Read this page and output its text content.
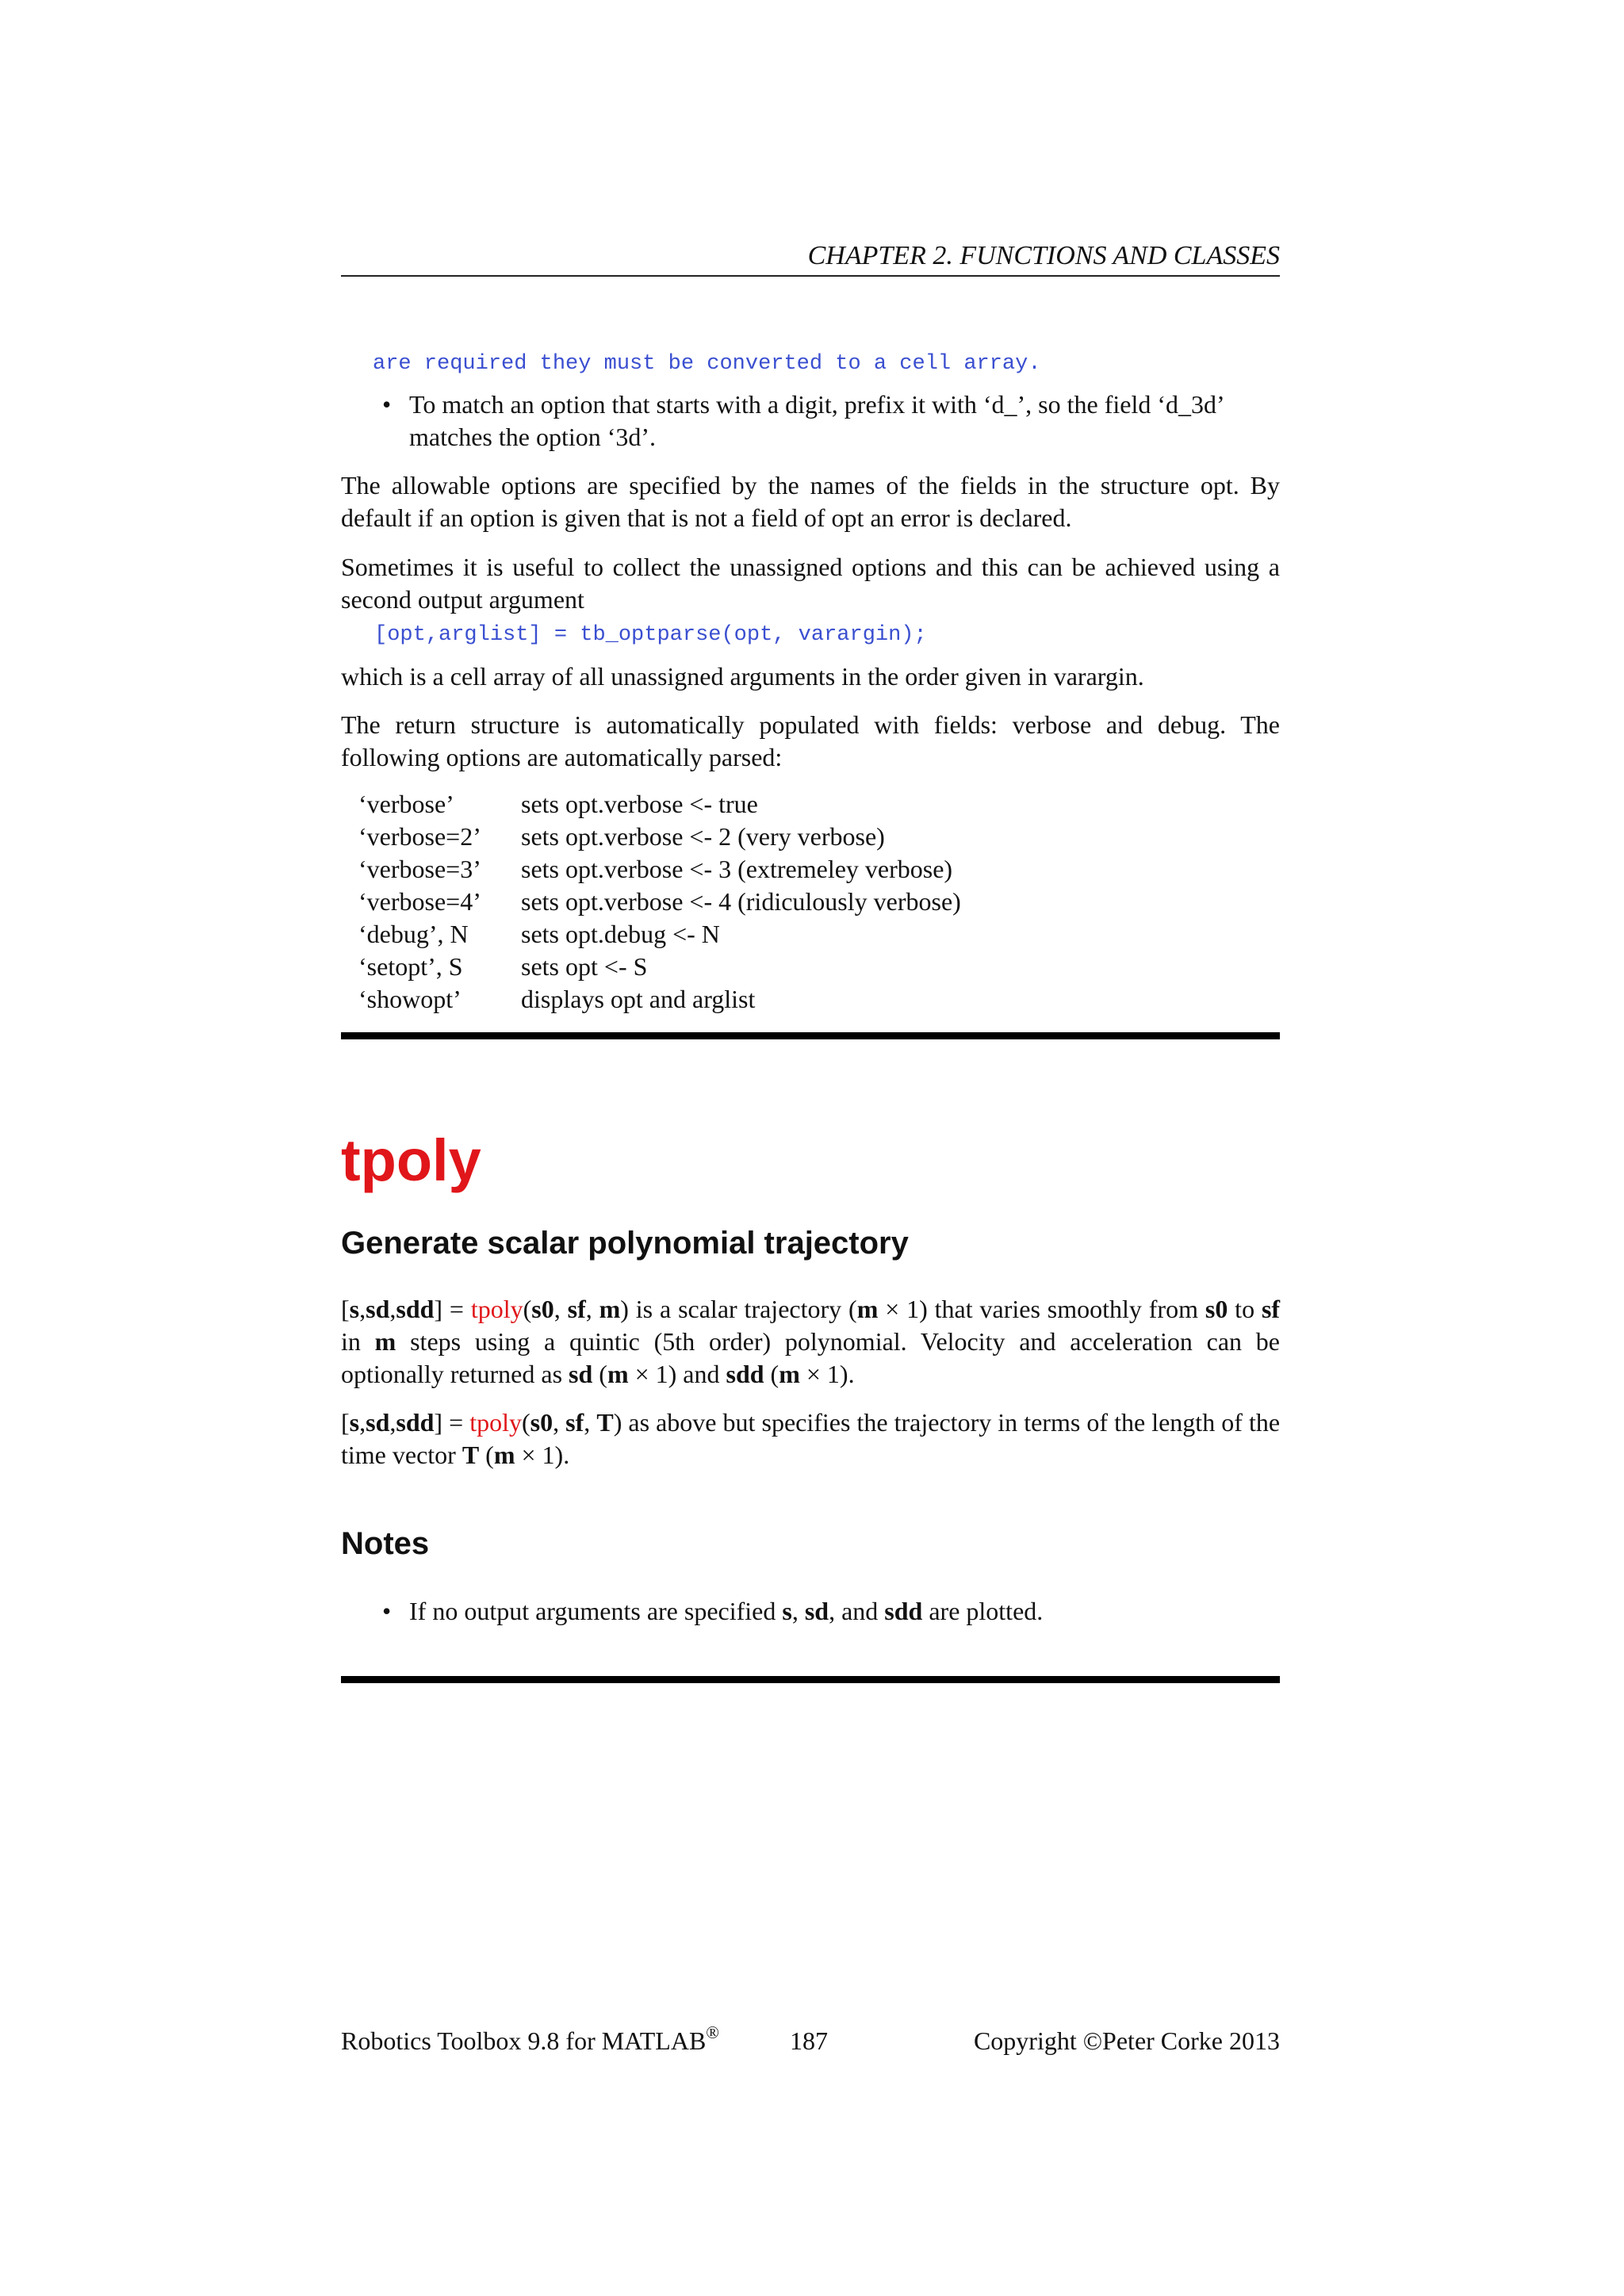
CHAPTER 2. FUNCTIONS AND CLASSES
are required they must be converted to a cell array.
• To match an option that starts with a digit, prefix it with ‘d_’, so the field ‘d_3d’ matches the option ‘3d’.

The allowable options are specified by the names of the fields in the structure opt. By default if an option is given that is not a field of opt an error is declared.

Sometimes it is useful to collect the unassigned options and this can be achieved using a second output argument

[opt,arglist] = tb_optparse(opt, varargin);

which is a cell array of all unassigned arguments in the order given in varargin.

The return structure is automatically populated with fields: verbose and debug. The following options are automatically parsed:

‘verbose’	sets opt.verbose <- true
‘verbose=2’	sets opt.verbose <- 2 (very verbose)
‘verbose=3’	sets opt.verbose <- 3 (extremeley verbose)
‘verbose=4’	sets opt.verbose <- 4 (ridiculously verbose)
‘debug’, N	sets opt.debug <- N
‘setopt’, S	sets opt <- S
‘showopt’	displays opt and arglist
tpoly
Generate scalar polynomial trajectory

[s,sd,sdd] = tpoly(s0, sf, m) is a scalar trajectory (m × 1) that varies smoothly from s0 to sf in m steps using a quintic (5th order) polynomial. Velocity and acceleration can be optionally returned as sd (m × 1) and sdd (m × 1).

[s,sd,sdd] = tpoly(s0, sf, T) as above but specifies the trajectory in terms of the length of the time vector T (m × 1).

Notes
• If no output arguments are specified s, sd, and sdd are plotted.
Robotics Toolbox 9.8 for MATLAB®	187	Copyright ©Peter Corke 2013
